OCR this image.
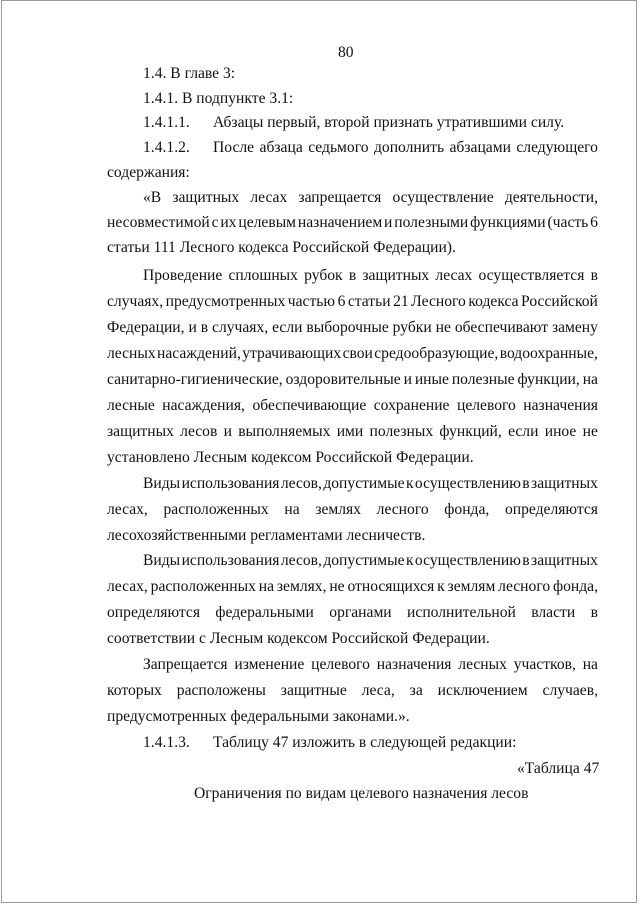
80
1.4. В главе 3:
1.4.1. В подпункте 3.1:
1.4.1.1. Абзацы первый, второй признать утратившими силу.
1.4.1.2. После абзаца седьмого дополнить абзацами следующего
содержания:
«В защитных лесах запрещается осуществление деятельности,
несовместимой с их целевым назначением и полезными функциями (часть 6
статьи 111 Лесного кодекса Российской Федерации).
Проведение сплошных рубок в защитных лесах осуществляется в
случаях, предусмотренных частью 6 статьи 21 Лесного кодекса Российской
Федерации, и в случаях, если выборочные рубки не обеспечивают замену
лесных насаждений, утрачивающих свои средообразующие, водоохранные,
санитарно-гигиенические, оздоровительные и иные полезные функции, на
лесные насаждения, обеспечивающие сохранение целевого назначения
защитных лесов и выполняемых ими полезных функций, если иное не
установлено Лесным кодексом Российской Федерации.
Виды использования лесов, допустимые к осуществлению в защитных
лесах, расположенных на землях лесного фонда, определяются
лесохозяйственными регламентами лесничеств.
Виды использования лесов, допустимые к осуществлению в защитных
лесах, расположенных на землях, не относящихся к землям лесного фонда,
определяются федеральными органами исполнительной власти в
соответствии с Лесным кодексом Российской Федерации.
Запрещается изменение целевого назначения лесных участков, на
которых расположены защитные леса, за исключением случаев,
предусмотренных федеральными законами.».
1.4.1.3. Таблицу 47 изложить в следующей редакции:
«Таблица 47
Ограничения по видам целевого назначения лесов
